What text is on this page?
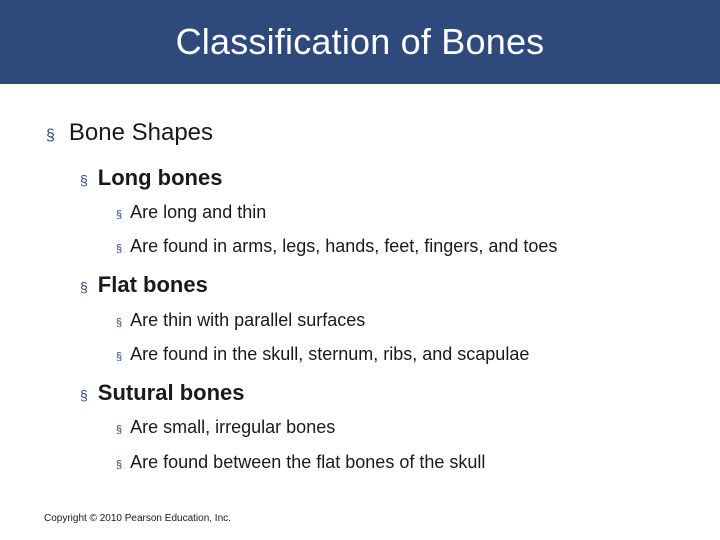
Classification of Bones
§ Bone Shapes
§ Long bones
§ Are long and thin
§ Are found in arms, legs, hands, feet, fingers, and toes
§ Flat bones
§ Are thin with parallel surfaces
§ Are found in the skull, sternum, ribs, and scapulae
§ Sutural bones
§ Are small, irregular bones
§ Are found between the flat bones of the skull
Copyright © 2010 Pearson Education, Inc.
